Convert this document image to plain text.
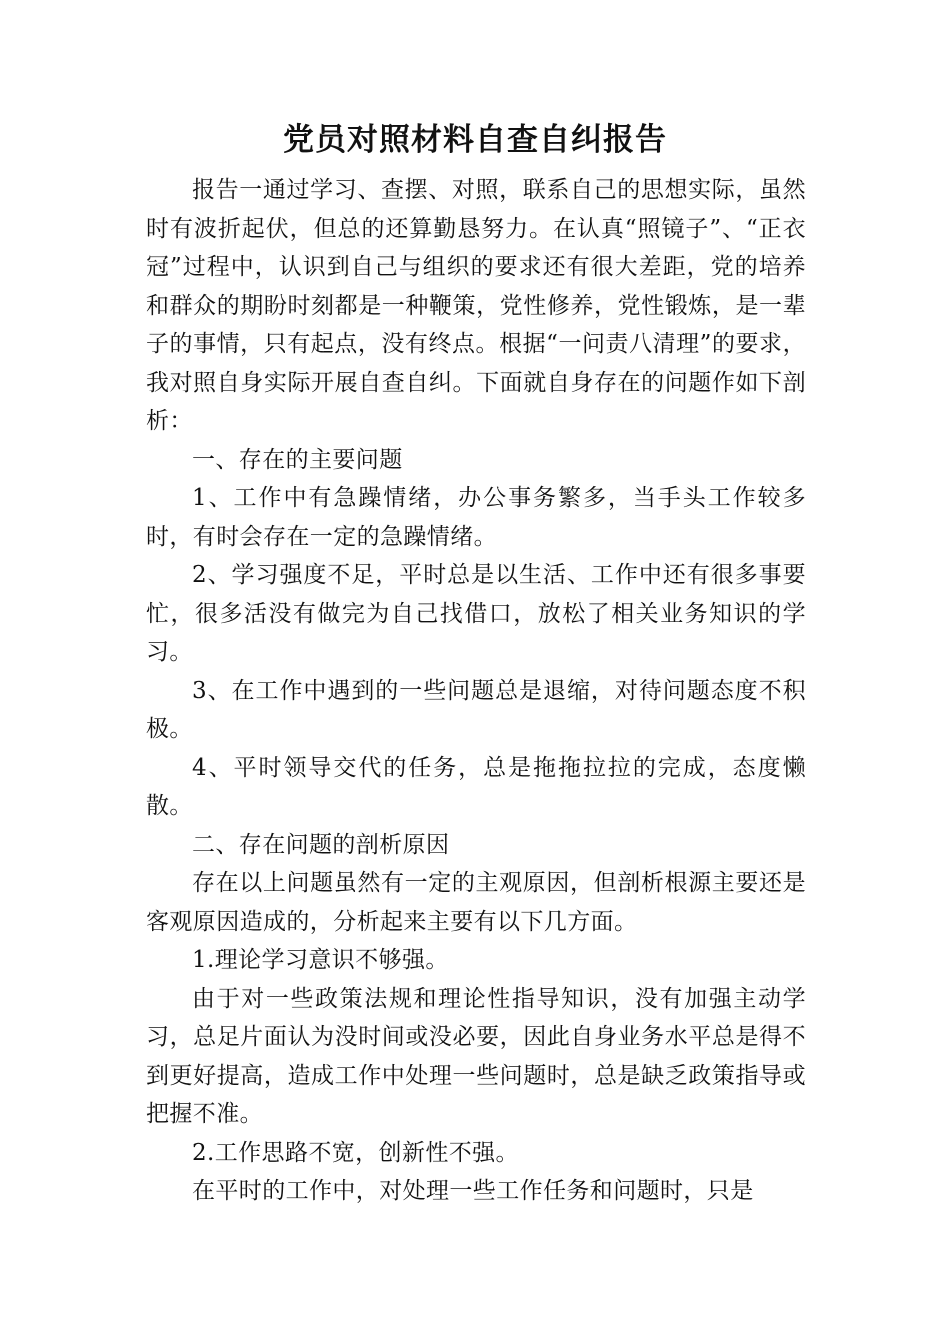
党员对照材料自查自纠报告

报告一通过学习、查摆、对照，联系自己的思想实际，虽然时有波折起伏，但总的还算勤恳努力。在认真“照镜子”、“正衣冠”过程中，认识到自己与组织的要求还有很大差距，党的培养和群众的期盼时刻都是一种鞭策，党性修养，党性锻炼，是一辈子的事情，只有起点，没有终点。根据“一问责八清理”的要求，我对照自身实际开展自查自纠。下面就自身存在的问题作如下剖析：

一、存在的主要问题

1、工作中有急躁情绪，办公事务繁多，当手头工作较多时，有时会存在一定的急躁情绪。

2、学习强度不足，平时总是以生活、工作中还有很多事要忙，很多活没有做完为自己找借口，放松了相关业务知识的学习。

3、在工作中遇到的一些问题总是退缩，对待问题态度不积极。

4、平时领导交代的任务，总是拖拖拉拉的完成，态度懒散。

二、存在问题的剖析原因

存在以上问题虽然有一定的主观原因，但剖析根源主要还是客观原因造成的，分析起来主要有以下几方面。

1.理论学习意识不够强。

由于对一些政策法规和理论性指导知识，没有加强主动学习，总足片面认为没时间或没必要，因此自身业务水平总是得不到更好提高，造成工作中处理一些问题时，总是缺乏政策指导或把握不准。

2.工作思路不宽，创新性不强。

在平时的工作中，对处理一些工作任务和问题时，只是
